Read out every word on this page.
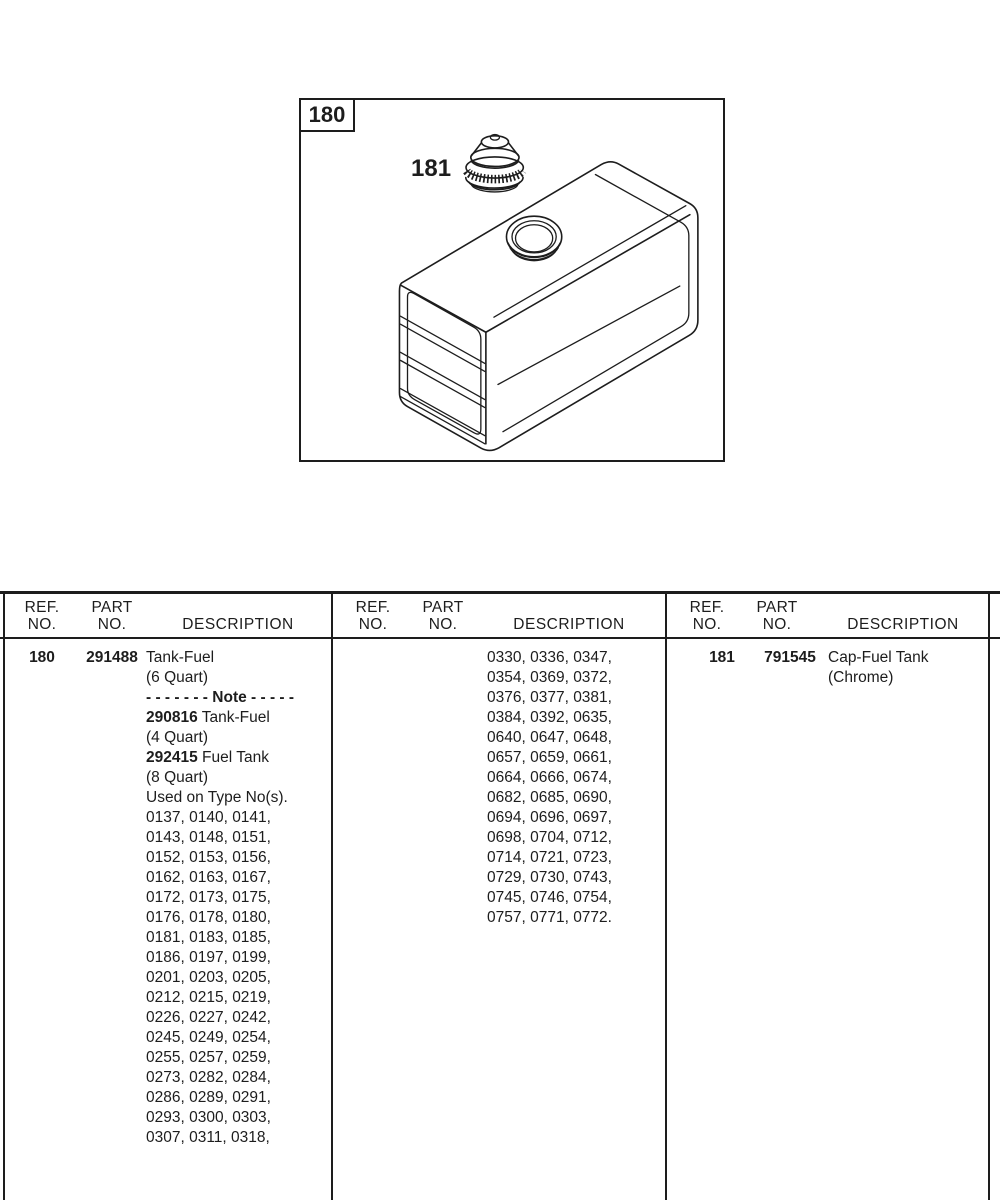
180
181
REF.
NO.
PART
NO.	DESCRIPTION
180	291488 Tank-Fuel
(6 Quart)
- - - - - - - Note - - - - -
290816 Tank-Fuel
(4 Quart)
292415 Fuel Tank
(8 Quart)
Used on Type No(s).
0137, 0140, 0141,
0143, 0148, 0151,
0152, 0153, 0156,
0162, 0163, 0167,
0172, 0173, 0175,
0176, 0178, 0180,
0181, 0183, 0185,
0186, 0197, 0199,
0201, 0203, 0205,
0212, 0215, 0219,
0226, 0227, 0242,
0245, 0249, 0254,
0255, 0257, 0259,
0273, 0282, 0284,
0286, 0289, 0291,
0293, 0300, 0303,
0307, 0311, 0318,
REF.
NO.
PART
NO.	DESCRIPTION
0330, 0336, 0347,
0354, 0369, 0372,
0376, 0377, 0381,
0384, 0392, 0635,
0640, 0647, 0648,
0657, 0659, 0661,
0664, 0666, 0674,
0682, 0685, 0690,
0694, 0696, 0697,
0698, 0704, 0712,
0714, 0721, 0723,
0729, 0730, 0743,
0745, 0746, 0754,
0757, 0771, 0772.
REF.
NO.
PART
NO.	DESCRIPTION
181	791545 Cap-Fuel Tank
(Chrome)
